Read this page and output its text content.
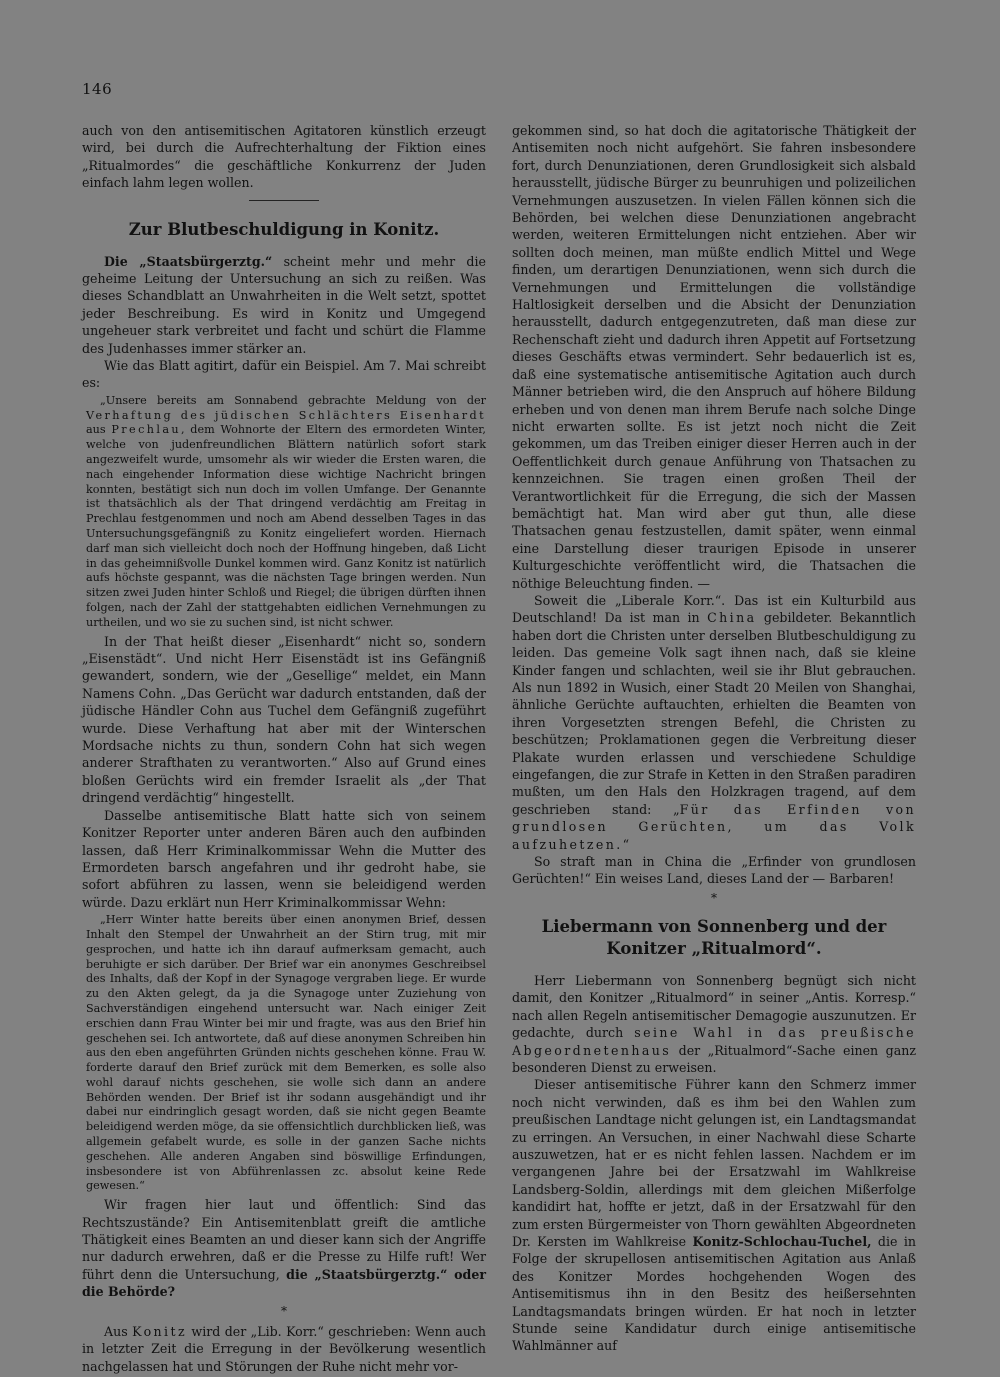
146

auch von den antisemitischen Agitatoren künstlich erzeugt wird, bei durch die Aufrechterhaltung der Fiktion eines „Ritualmordes“ die geschäftliche Konkurrenz der Juden einfach lahm legen wollen.

Zur Blutbeschuldigung in Konitz.

Die „Staatsbürgerztg.“ scheint mehr und mehr die geheime Leitung der Untersuchung an sich zu reißen. Was dieses Schandblatt an Unwahrheiten in die Welt setzt, spottet jeder Beschreibung. Es wird in Konitz und Umgegend ungeheuer stark verbreitet und facht und schürt die Flamme des Judenhasses immer stärker an.

Wie das Blatt agitirt, dafür ein Beispiel. Am 7. Mai schreibt es:

„Unsere bereits am Sonnabend gebrachte Meldung von der Verhaftung des jüdischen Schlächters Eisenhardt aus Prechlau, dem Wohnorte der Eltern des ermordeten Winter, welche von judenfreundlichen Blättern natürlich sofort stark angezweifelt wurde, umsomehr als wir wieder die Ersten waren, die nach eingehender Information diese wichtige Nachricht bringen konnten, bestätigt sich nun doch im vollen Umfange. Der Genannte ist thatsächlich als der That dringend verdächtig am Freitag in Prechlau festgenommen und noch am Abend desselben Tages in das Untersuchungsgefängniß zu Konitz eingeliefert worden. Hiernach darf man sich vielleicht doch noch der Hoffnung hingeben, daß Licht in das geheimnißvolle Dunkel kommen wird. Ganz Konitz ist natürlich aufs höchste gespannt, was die nächsten Tage bringen werden. Nun sitzen zwei Juden hinter Schloß und Riegel; die übrigen dürften ihnen folgen, nach der Zahl der stattgehabten eidlichen Vernehmungen zu urtheilen, und wo sie zu suchen sind, ist nicht schwer.

In der That heißt dieser „Eisenhardt“ nicht so, sondern „Eisenstädt“. Und nicht Herr Eisenstädt ist ins Gefängniß gewandert, sondern, wie der „Gesellige“ meldet, ein Mann Namens Cohn. „Das Gerücht war dadurch entstanden, daß der jüdische Händler Cohn aus Tuchel dem Gefängniß zugeführt wurde. Diese Verhaftung hat aber mit der Winterschen Mordsache nichts zu thun, sondern Cohn hat sich wegen anderer Strafthaten zu verantworten.“ Also auf Grund eines bloßen Gerüchts wird ein fremder Israelit als „der That dringend verdächtig“ hingestellt.

Dasselbe antisemitische Blatt hatte sich von seinem Konitzer Reporter unter anderen Bären auch den aufbinden lassen, daß Herr Kriminalkommissar Wehn die Mutter des Ermordeten barsch angefahren und ihr gedroht habe, sie sofort abführen zu lassen, wenn sie beleidigend werden würde. Dazu erklärt nun Herr Kriminalkommissar Wehn:

„Herr Winter hatte bereits über einen anonymen Brief, dessen Inhalt den Stempel der Unwahrheit an der Stirn trug, mit mir gesprochen, und hatte ich ihn darauf aufmerksam gemacht, auch beruhigte er sich darüber. Der Brief war ein anonymes Geschreibsel des Inhalts, daß der Kopf in der Synagoge vergraben liege. Er wurde zu den Akten gelegt, da ja die Synagoge unter Zuziehung von Sachverständigen eingehend untersucht war. Nach einiger Zeit erschien dann Frau Winter bei mir und fragte, was aus den Brief hin geschehen sei. Ich antwortete, daß auf diese anonymen Schreiben hin aus den eben angeführten Gründen nichts geschehen könne. Frau W. forderte darauf den Brief zurück mit dem Bemerken, es solle also wohl darauf nichts geschehen, sie wolle sich dann an andere Behörden wenden. Der Brief ist ihr sodann ausgehändigt und ihr dabei nur eindringlich gesagt worden, daß sie nicht gegen Beamte beleidigend werden möge, da sie offensichtlich durchblicken ließ, was allgemein gefabelt wurde, es solle in der ganzen Sache nichts geschehen. Alle anderen Angaben sind böswillige Erfindungen, insbesondere ist von Abführenlassen zc. absolut keine Rede gewesen.“

Wir fragen hier laut und öffentlich: Sind das Rechtszustände? Ein Antisemitenblatt greift die amtliche Thätigkeit eines Beamten an und dieser kann sich der Angriffe nur dadurch erwehren, daß er die Presse zu Hilfe ruft! Wer führt denn die Untersuchung, die „Staatsbürgerztg.“ oder die Behörde?

*

Aus Konitz wird der „Lib. Korr.“ geschrieben: Wenn auch in letzter Zeit die Erregung in der Bevölkerung wesentlich nachgelassen hat und Störungen der Ruhe nicht mehr vor-

gekommen sind, so hat doch die agitatorische Thätigkeit der Antisemiten noch nicht aufgehört. Sie fahren insbesondere fort, durch Denunziationen, deren Grundlosigkeit sich alsbald herausstellt, jüdische Bürger zu beunruhigen und polizeilichen Vernehmungen auszusetzen. In vielen Fällen können sich die Behörden, bei welchen diese Denunziationen angebracht werden, weiteren Ermittelungen nicht entziehen. Aber wir sollten doch meinen, man müßte endlich Mittel und Wege finden, um derartigen Denunziationen, wenn sich durch die Vernehmungen und Ermittelungen die vollständige Haltlosigkeit derselben und die Absicht der Denunziation herausstellt, dadurch entgegenzutreten, daß man diese zur Rechenschaft zieht und dadurch ihren Appetit auf Fortsetzung dieses Geschäfts etwas vermindert. Sehr bedauerlich ist es, daß eine systematische antisemitische Agitation auch durch Männer betrieben wird, die den Anspruch auf höhere Bildung erheben und von denen man ihrem Berufe nach solche Dinge nicht erwarten sollte. Es ist jetzt noch nicht die Zeit gekommen, um das Treiben einiger dieser Herren auch in der Oeffentlichkeit durch genaue Anführung von Thatsachen zu kennzeichnen. Sie tragen einen großen Theil der Verantwortlichkeit für die Erregung, die sich der Massen bemächtigt hat. Man wird aber gut thun, alle diese Thatsachen genau festzustellen, damit später, wenn einmal eine Darstellung dieser traurigen Episode in unserer Kulturgeschichte veröffentlicht wird, die Thatsachen die nöthige Beleuchtung finden. —

Soweit die „Liberale Korr.“. Das ist ein Kulturbild aus Deutschland! Da ist man in China gebildeter. Bekanntlich haben dort die Christen unter derselben Blutbeschuldigung zu leiden. Das gemeine Volk sagt ihnen nach, daß sie kleine Kinder fangen und schlachten, weil sie ihr Blut gebrauchen. Als nun 1892 in Wusich, einer Stadt 20 Meilen von Shanghai, ähnliche Gerüchte auftauchten, erhielten die Beamten von ihren Vorgesetzten strengen Befehl, die Christen zu beschützen; Proklamationen gegen die Verbreitung dieser Plakate wurden erlassen und verschiedene Schuldige eingefangen, die zur Strafe in Ketten in den Straßen paradiren mußten, um den Hals den Holzkragen tragend, auf dem geschrieben stand: „Für das Erfinden von grundlosen Gerüchten, um das Volk aufzuhetzen.“

So straft man in China die „Erfinder von grundlosen Gerüchten!“ Ein weises Land, dieses Land der — Barbaren!

*
Liebermann von Sonnenberg und der Konitzer „Ritualmord“.

Herr Liebermann von Sonnenberg begnügt sich nicht damit, den Konitzer „Ritualmord“ in seiner „Antis. Korresp.“ nach allen Regeln antisemitischer Demagogie auszunutzen. Er gedachte, durch seine Wahl in das preußische Abgeordnetenhaus der „Ritualmord“-Sache einen ganz besonderen Dienst zu erweisen.

Dieser antisemitische Führer kann den Schmerz immer noch nicht verwinden, daß es ihm bei den Wahlen zum preußischen Landtage nicht gelungen ist, ein Landtagsmandat zu erringen. An Versuchen, in einer Nachwahl diese Scharte auszuwetzen, hat er es nicht fehlen lassen. Nachdem er im vergangenen Jahre bei der Ersatzwahl im Wahlkreise Landsberg-Soldin, allerdings mit dem gleichen Mißerfolge kandidirt hat, hoffte er jetzt, daß in der Ersatzwahl für den zum ersten Bürgermeister von Thorn gewählten Abgeordneten Dr. Kersten im Wahlkreise Konitz-Schlochau-Tuchel, die in Folge der skrupellosen antisemitischen Agitation aus Anlaß des Konitzer Mordes hochgehenden Wogen des Antisemitismus ihn in den Besitz des heißersehnten Landtagsmandats bringen würden. Er hat noch in letzter Stunde seine Kandidatur durch einige antisemitische Wahlmänner auf
